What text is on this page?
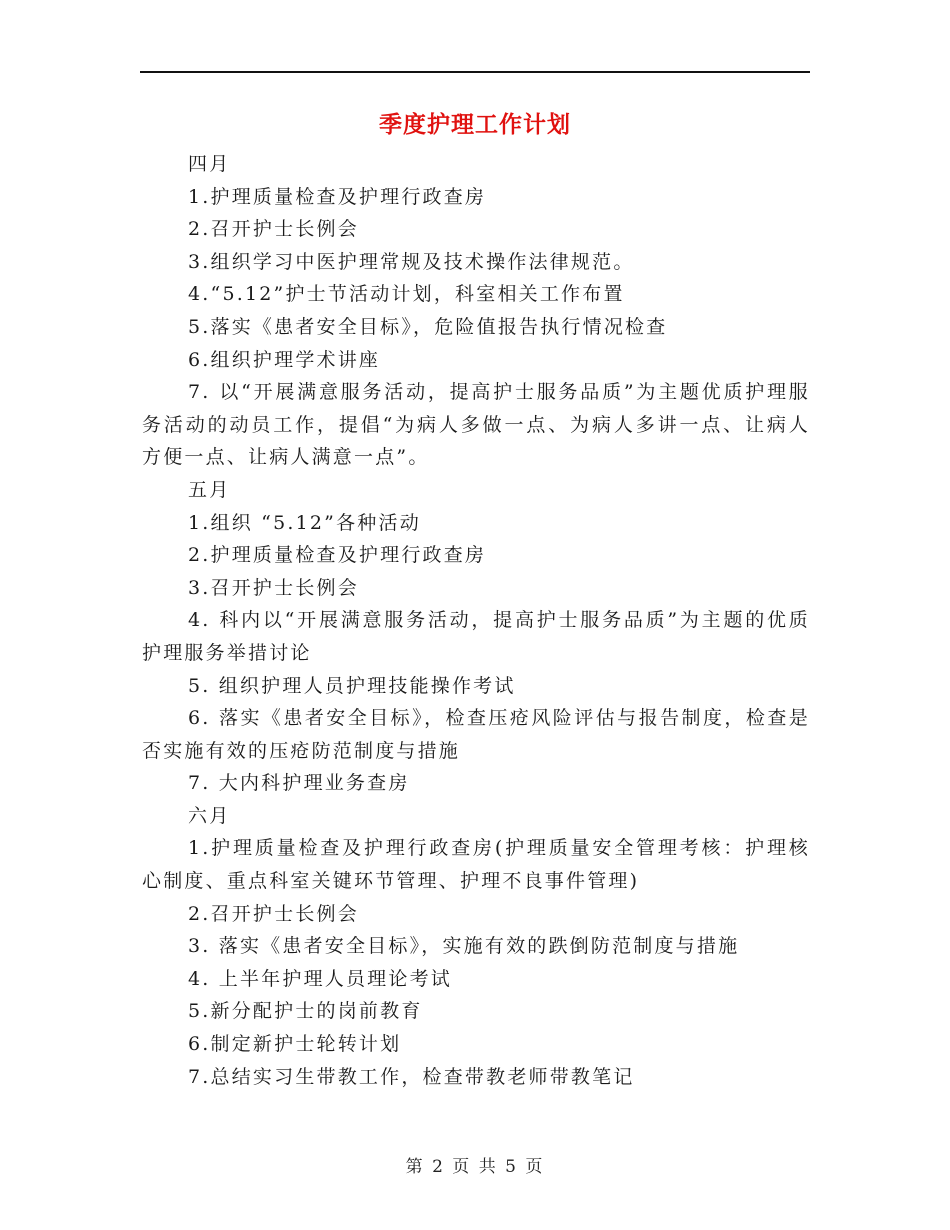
季度护理工作计划
四月
1.护理质量检查及护理行政查房
2.召开护士长例会
3.组织学习中医护理常规及技术操作法律规范。
4.“5.12”护士节活动计划，科室相关工作布置
5.落实《患者安全目标》，危险值报告执行情况检查
6.组织护理学术讲座
7. 以“开展满意服务活动，提高护士服务品质”为主题优质护理服务活动的动员工作，提倡“为病人多做一点、为病人多讲一点、让病人方便一点、让病人满意一点”。
五月
1.组织 “5.12”各种活动
2.护理质量检查及护理行政查房
3.召开护士长例会
4. 科内以“开展满意服务活动，提高护士服务品质”为主题的优质护理服务举措讨论
5. 组织护理人员护理技能操作考试
6. 落实《患者安全目标》，检查压疮风险评估与报告制度，检查是否实施有效的压疮防范制度与措施
7. 大内科护理业务查房
六月
1.护理质量检查及护理行政查房(护理质量安全管理考核：护理核心制度、重点科室关键环节管理、护理不良事件管理)
2.召开护士长例会
3. 落实《患者安全目标》，实施有效的跌倒防范制度与措施
4. 上半年护理人员理论考试
5.新分配护士的岗前教育
6.制定新护士轮转计划
7.总结实习生带教工作，检查带教老师带教笔记
第 2 页 共 5 页
